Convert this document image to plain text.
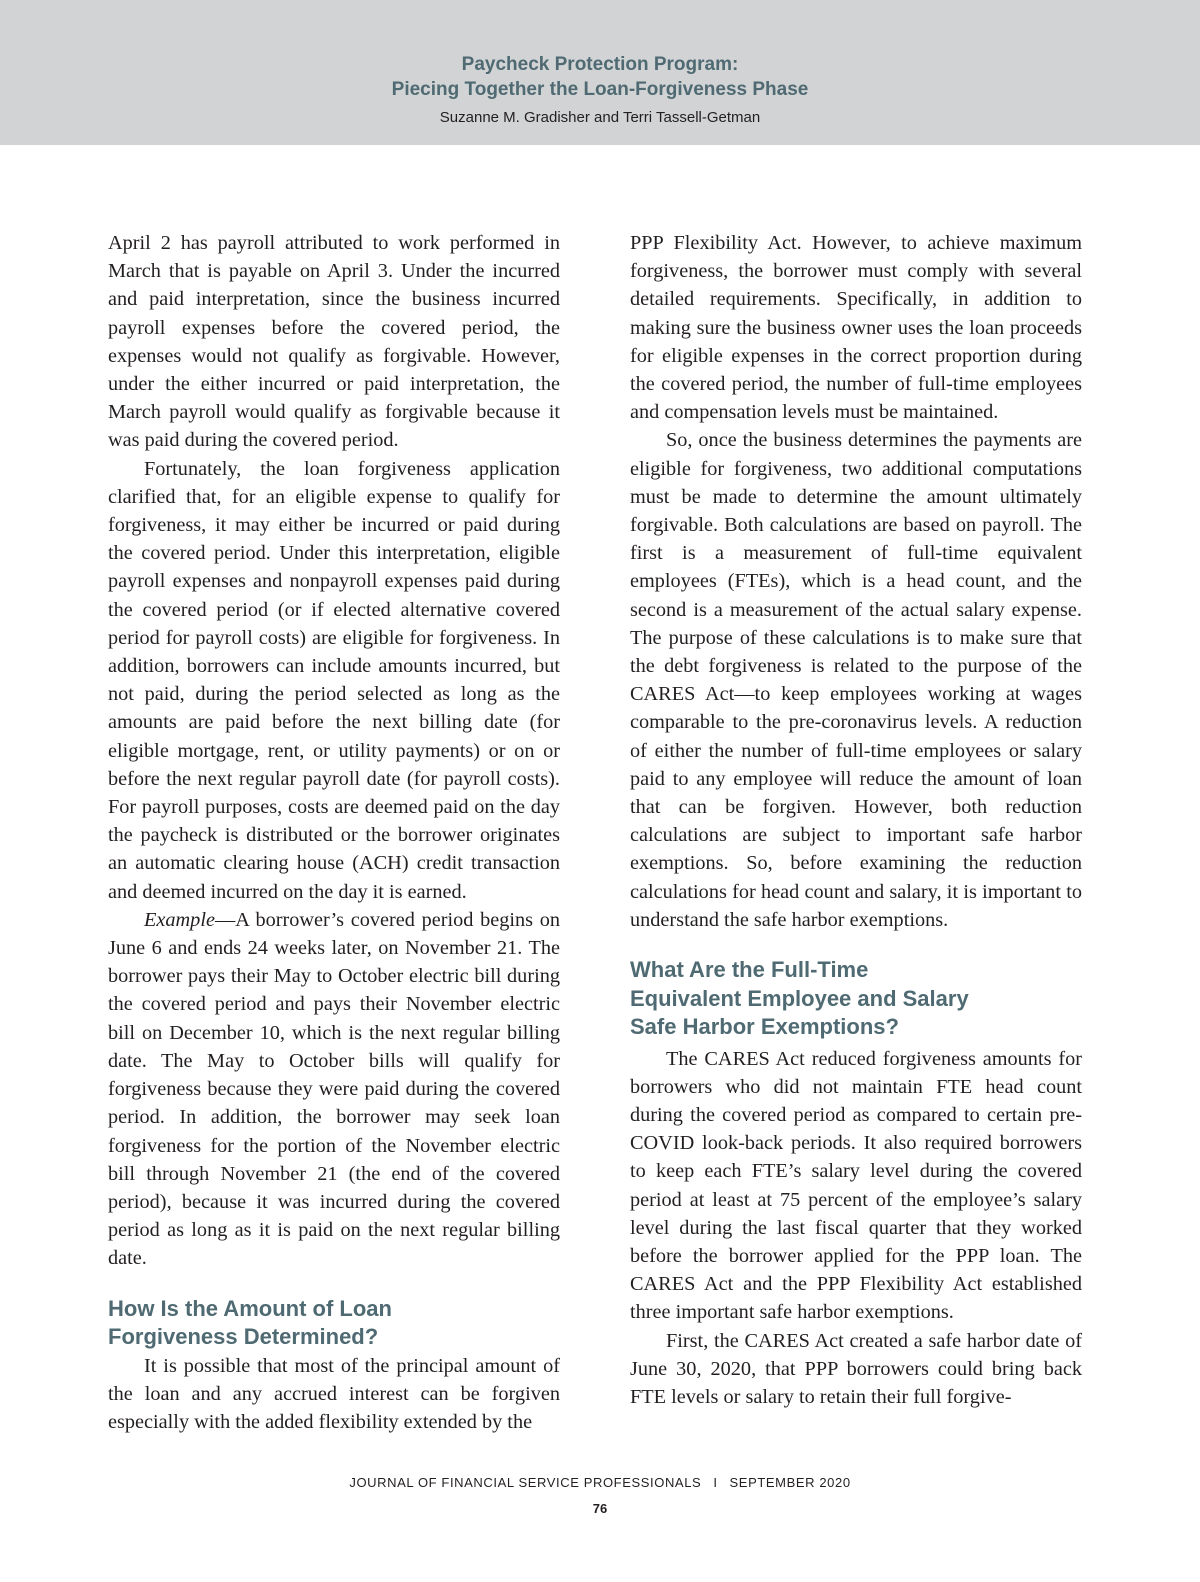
Paycheck Protection Program:
Piecing Together the Loan-Forgiveness Phase
Suzanne M. Gradisher and Terri Tassell-Getman

April 2 has payroll attributed to work performed in March that is payable on April 3. Under the incurred and paid interpretation, since the business incurred payroll expenses before the covered period, the expenses would not qualify as forgivable. However, under the either incurred or paid interpretation, the March payroll would qualify as forgivable because it was paid during the covered period.

Fortunately, the loan forgiveness application clarified that, for an eligible expense to qualify for forgiveness, it may either be incurred or paid during the covered period. Under this interpretation, eligible payroll expenses and nonpayroll expenses paid during the covered period (or if elected alternative covered period for payroll costs) are eligible for forgiveness. In addition, borrowers can include amounts incurred, but not paid, during the period selected as long as the amounts are paid before the next billing date (for eligible mortgage, rent, or utility payments) or on or before the next regular payroll date (for payroll costs). For payroll purposes, costs are deemed paid on the day the paycheck is distributed or the borrower originates an automatic clearing house (ACH) credit transaction and deemed incurred on the day it is earned.

Example—A borrower’s covered period begins on June 6 and ends 24 weeks later, on November 21. The borrower pays their May to October electric bill during the covered period and pays their November electric bill on December 10, which is the next regular billing date. The May to October bills will qualify for forgiveness because they were paid during the covered period. In addition, the borrower may seek loan forgiveness for the portion of the November electric bill through November 21 (the end of the covered period), because it was incurred during the covered period as long as it is paid on the next regular billing date.

How Is the Amount of Loan
Forgiveness Determined?

It is possible that most of the principal amount of the loan and any accrued interest can be forgiven especially with the added flexibility extended by the

PPP Flexibility Act. However, to achieve maximum forgiveness, the borrower must comply with several detailed requirements. Specifically, in addition to making sure the business owner uses the loan proceeds for eligible expenses in the correct proportion during the covered period, the number of full-time employees and compensation levels must be maintained.

So, once the business determines the payments are eligible for forgiveness, two additional computations must be made to determine the amount ultimately forgivable. Both calculations are based on payroll. The first is a measurement of full-time equivalent employees (FTEs), which is a head count, and the second is a measurement of the actual salary expense. The purpose of these calculations is to make sure that the debt forgiveness is related to the purpose of the CARES Act—to keep employees working at wages comparable to the pre-coronavirus levels. A reduction of either the number of full-time employees or salary paid to any employee will reduce the amount of loan that can be forgiven. However, both reduction calculations are subject to important safe harbor exemptions. So, before examining the reduction calculations for head count and salary, it is important to understand the safe harbor exemptions.

What Are the Full-Time
Equivalent Employee and Salary
Safe Harbor Exemptions?

The CARES Act reduced forgiveness amounts for borrowers who did not maintain FTE head count during the covered period as compared to certain pre-COVID look-back periods. It also required borrowers to keep each FTE’s salary level during the covered period at least at 75 percent of the employee’s salary level during the last fiscal quarter that they worked before the borrower applied for the PPP loan. The CARES Act and the PPP Flexibility Act established three important safe harbor exemptions.

First, the CARES Act created a safe harbor date of June 30, 2020, that PPP borrowers could bring back FTE levels or salary to retain their full forgive-

JOURNAL OF FINANCIAL SERVICE PROFESSIONALS I SEPTEMBER 2020
76
